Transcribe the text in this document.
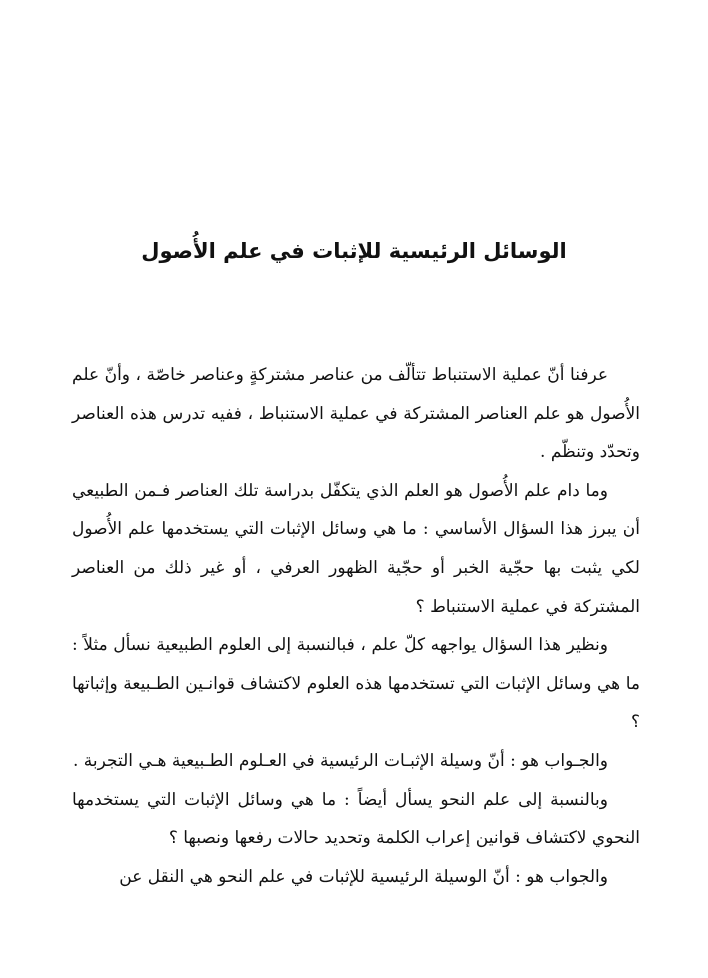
الوسائل الرئيسية للإثبات في علم الأُصول

عرفنا أنّ عملية الاستنباط تتألّف من عناصر مشتركةٍ وعناصر خاصّة ، وأنّ علم الأُصول هو علم العناصر المشتركة في عملية الاستنباط ، ففيه تدرس هذه العناصر وتحدّد وتنظّم .

وما دام علم الأُصول هو العلم الذي يتكفّل بدراسة تلك العناصر فـمن الطبيعي أن يبرز هذا السؤال الأساسي : ما هي وسائل الإثبات التي يستخدمها علم الأُصول لكي يثبت بها حجّية الخبر أو حجّية الظهور العرفي ، أو غير ذلك من العناصر المشتركة في عملية الاستنباط ؟

ونظير هذا السؤال يواجهه كلّ علم ، فبالنسبة إلى العلوم الطبيعية نسأل مثلاً : ما هي وسائل الإثبات التي تستخدمها هذه العلوم لاكتشاف قوانـين الطـبيعة وإثباتها ؟

والجـواب هو : أنّ وسيلة الإثبـات الرئيسية في العـلوم الطـبيعية هـي التجربة .

وبالنسبة إلى علم النحو يسأل أيضاً : ما هي وسائل الإثبات التي يستخدمها النحوي لاكتشاف قوانين إعراب الكلمة وتحديد حالات رفعها ونصبها ؟

والجواب هو : أنّ الوسيلة الرئيسية للإثبات في علم النحو هي النقل عن
